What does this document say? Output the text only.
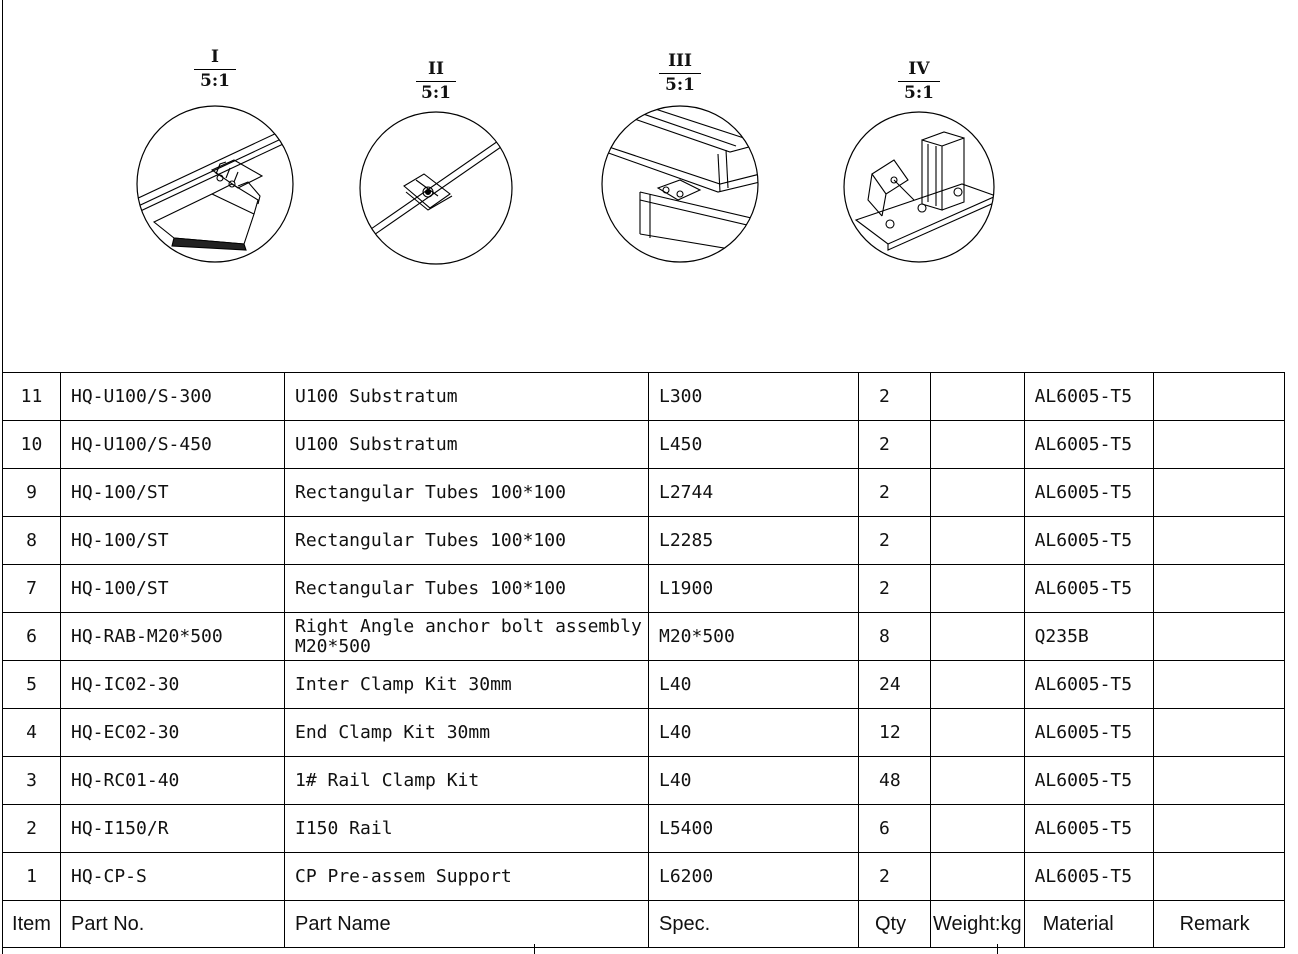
I
5:1
II
5:1
III
5:1
IV
5:1
11	HQ-U100/S-300	U100 Substratum	L300	2		AL6005-T5	
10	HQ-U100/S-450	U100 Substratum	L450	2		AL6005-T5	
9	HQ-100/ST	Rectangular Tubes 100*100	L2744	2		AL6005-T5	
8	HQ-100/ST	Rectangular Tubes 100*100	L2285	2		AL6005-T5	
7	HQ-100/ST	Rectangular Tubes 100*100	L1900	2		AL6005-T5	
6	HQ-RAB-M20*500	Right Angle anchor bolt assembly M20*500	M20*500	8		Q235B	
5	HQ-IC02-30	Inter Clamp Kit 30mm	L40	24		AL6005-T5	
4	HQ-EC02-30	End Clamp Kit 30mm	L40	12		AL6005-T5	
3	HQ-RC01-40	1# Rail Clamp Kit	L40	48		AL6005-T5	
2	HQ-I150/R	I150 Rail	L5400	6		AL6005-T5	
1	HQ-CP-S	CP Pre-assem Support	L6200	2		AL6005-T5	
Item	Part No.	Part Name	Spec.	Qty	Weight:kg	Material	Remark
